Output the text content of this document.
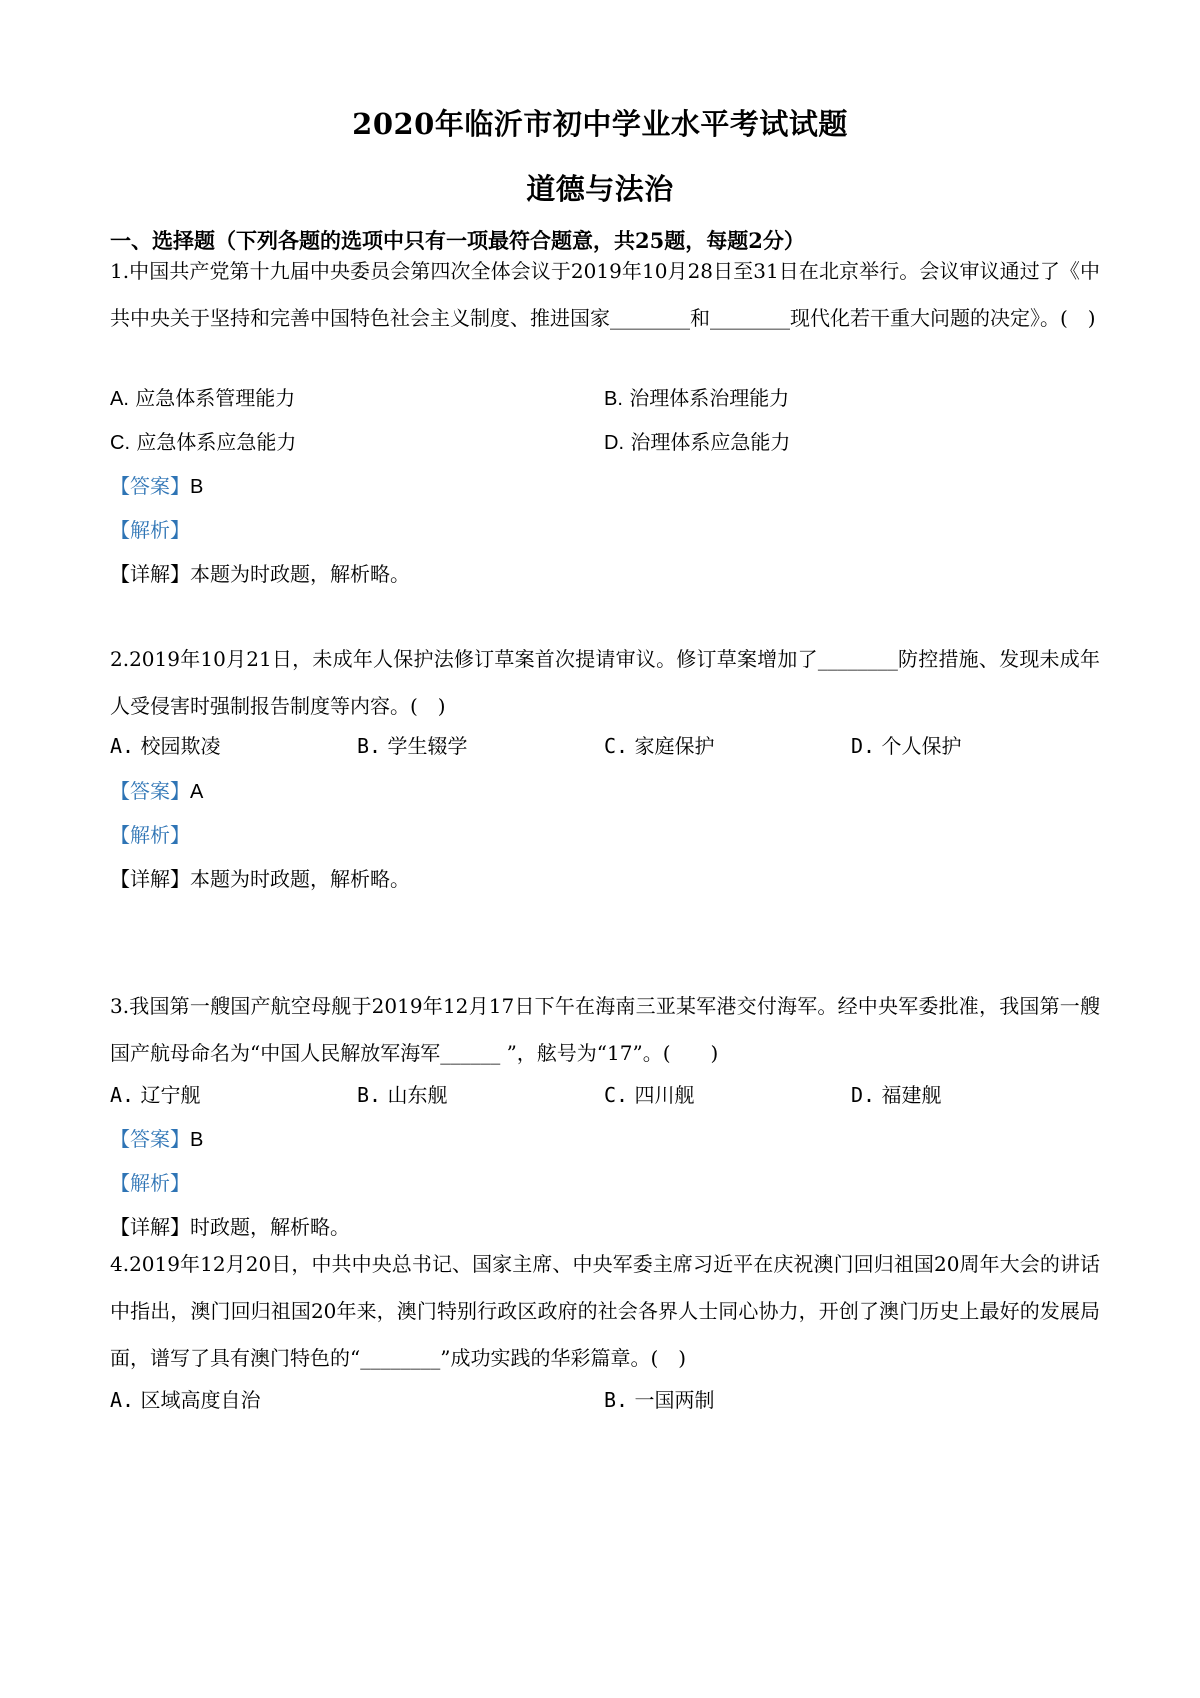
2020年临沂市初中学业水平考试试题
道德与法治
一、选择题（下列各题的选项中只有一项最符合题意，共25题，每题2分）
1.中国共产党第十九届中央委员会第四次全体会议于2019年10月28日至31日在北京举行。会议审议通过了《中共中央关于坚持和完善中国特色社会主义制度、推进国家________和________现代化若干重大问题的决定》。(　)
A. 应急体系管理能力	B. 治理体系治理能力
C. 应急体系应急能力	D. 治理体系应急能力
【答案】B
【解析】
【详解】本题为时政题，解析略。
2.2019年10月21日，未成年人保护法修订草案首次提请审议。修订草案增加了________防控措施、发现未成年人受侵害时强制报告制度等内容。(　)
A. 校园欺凌	B. 学生辍学	C. 家庭保护	D. 个人保护
【答案】A
【解析】
【详解】本题为时政题，解析略。
3.我国第一艘国产航空母舰于2019年12月17日下午在海南三亚某军港交付海军。经中央军委批准，我国第一艘国产航母命名为“中国人民解放军海军______ ”，舷号为“17”。(　　)
A. 辽宁舰	B. 山东舰	C. 四川舰	D. 福建舰
【答案】B
【解析】
【详解】时政题，解析略。
4.2019年12月20日，中共中央总书记、国家主席、中央军委主席习近平在庆祝澳门回归祖国20周年大会的讲话中指出，澳门回归祖国20年来，澳门特别行政区政府的社会各界人士同心协力，开创了澳门历史上最好的发展局面，谱写了具有澳门特色的“________”成功实践的华彩篇章。(　)
A. 区域高度自治	B. 一国两制
